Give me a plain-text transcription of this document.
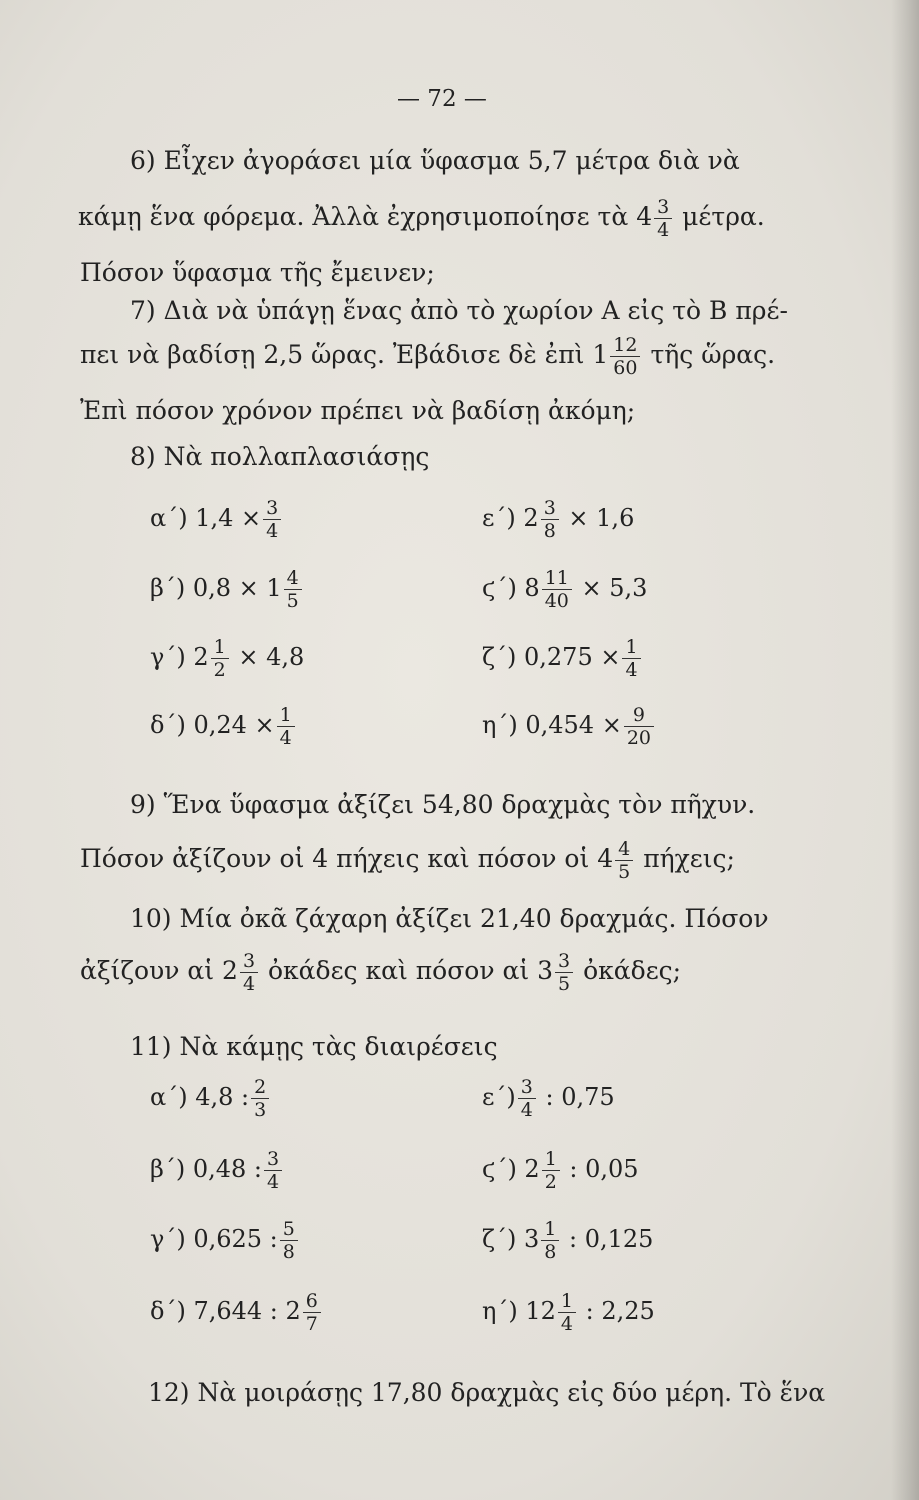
— 72 —
6) Εἶχεν ἀγοράσει μία ὕφασμα 5,7 μέτρα διὰ νὰ
κάμῃ ἕνα φόρεμα. Ἀλλὰ ἐχρησιμοποίησε τὰ $4 \frac{3}{4} \mu έ\tau\rho\alpha$.
Πόσον ὕφασμα τῆς ἔμεινεν;
7) Διὰ νὰ ὑπάγῃ ἕνας ἀπὸ τὸ χωρίον Α εἰς τὸ Β πρέ-
πει νὰ βαδίσῃ 2,5 ὥρας. Ἐβάδισε δὲ ἐπὶ $1 \frac{12}{60}$ τῆς ὥρας.
Ἐπὶ πόσον χρόνον πρέπει νὰ βαδίσῃ ἀκόμη;
8) Νὰ πολλαπλασιάσῃς
α΄) $1,4 \times \frac{3}{4}$
β΄) $0,8 \times 1 \frac{4}{5}$
γ΄) $2 \frac{1}{2} \times 4,8$
δ΄) $0,24 \times \frac{1}{4}$
ε΄) $2 \frac{3}{8} \times 1,6$
ϛ΄) $8 \frac{11}{40} \times 5,3$
ζ΄) $0,275 \times \frac{1}{4}$
η΄) $0,454 \times \frac{9}{20}$
9) Ἕνα ὕφασμα ἀξίζει 54,80 δραχμὰς τὸν πῆχυν.
Πόσον ἀξίζουν οἱ 4 πήχεις καὶ πόσον οἱ $4 \frac{4}{5} \pi ή\chi\varepsilon\iota\varsigma$;
10) Μία ὀκᾶ ζάχαρη ἀξίζει 21,40 δραχμάς. Πόσον
ἀξίζουν αἱ $2 \frac{3}{4}$ ὀκάδες καὶ πόσον αἱ $3 \frac{3}{5}$ ὀκάδες;
11) Νὰ κάμῃς τὰς διαιρέσεις
α΄) 4,8 : $\frac{2}{3}$
β΄) 0,48 : $\frac{3}{4}$
γ΄) 0,625 : $\frac{5}{8}$
δ΄) 7,644 : $2 \frac{6}{7}$
$\varepsilon΄) \frac{3}{4}$ : 0,75
ϛ΄) $2 \frac{1}{2}$ : 0,05
ζ΄) $3 \frac{1}{8}$ : 0,125
η΄) $12 \frac{1}{4}$ : 2,25
12) Νὰ μοιράσῃς 17,80 δραχμὰς εἰς δύο μέρη. Τὸ ἕνα
